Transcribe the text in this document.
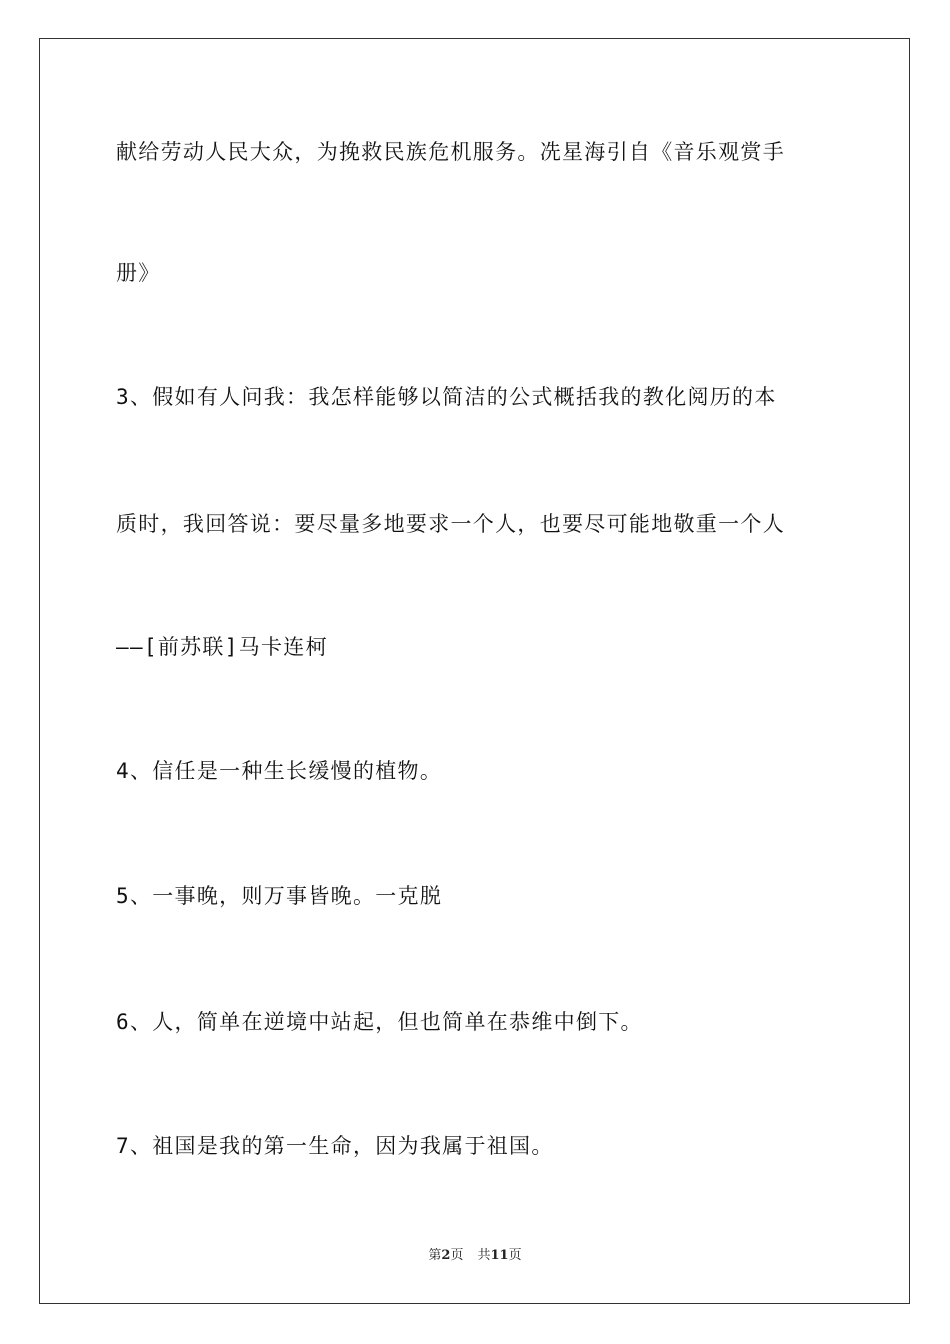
献给劳动人民大众，为挽救民族危机服务。冼星海引自《音乐观赏手
册》
3、假如有人问我：我怎样能够以简洁的公式概括我的教化阅历的本
质时，我回答说：要尽量多地要求一个人，也要尽可能地敬重一个人
——[前苏联]马卡连柯
4、信任是一种生长缓慢的植物。
5、一事晚，则万事皆晚。一克脱
6、人，简单在逆境中站起，但也简单在恭维中倒下。
7、祖国是我的第一生命，因为我属于祖国。
第2页 共11页
